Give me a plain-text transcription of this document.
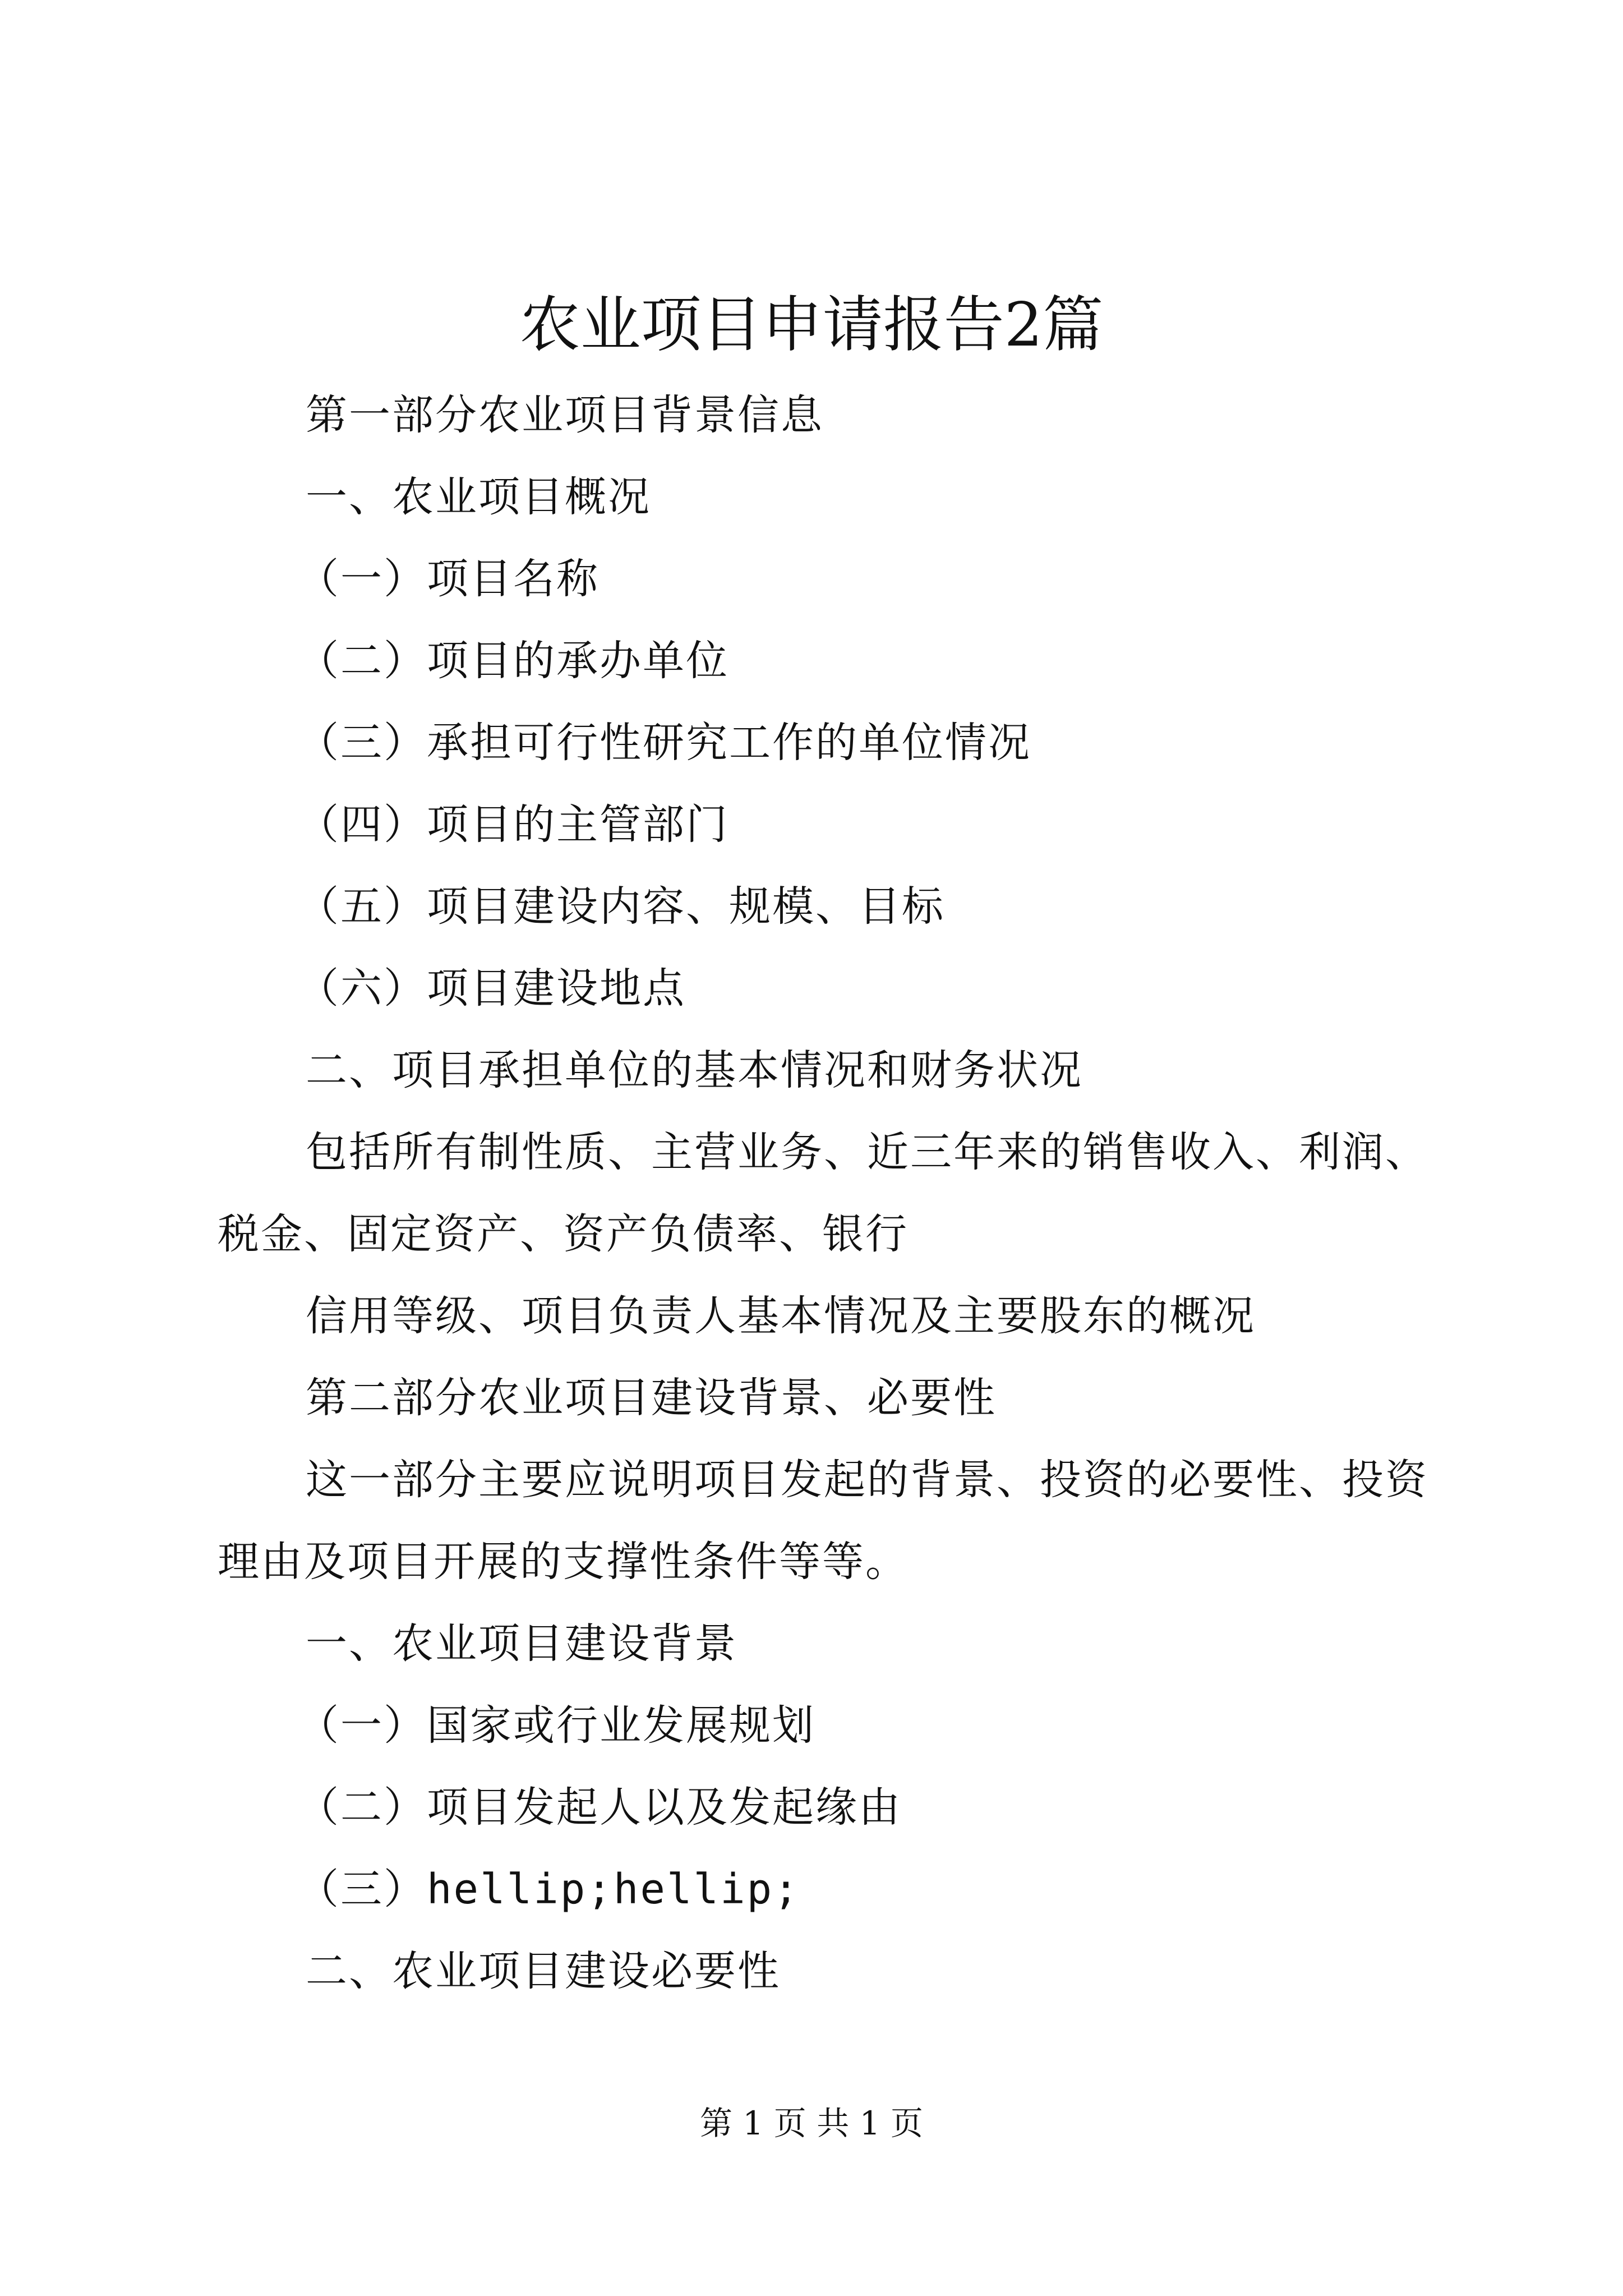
农业项目申请报告2篇
第一部分农业项目背景信息
一、农业项目概况
（一）项目名称
（二）项目的承办单位
（三）承担可行性研究工作的单位情况
（四）项目的主管部门
（五）项目建设内容、规模、目标
（六）项目建设地点
二、项目承担单位的基本情况和财务状况
包括所有制性质、主营业务、近三年来的销售收入、利润、
税金、固定资产、资产负债率、银行
信用等级、项目负责人基本情况及主要股东的概况
第二部分农业项目建设背景、必要性
这一部分主要应说明项目发起的背景、投资的必要性、投资
理由及项目开展的支撑性条件等等。
一、农业项目建设背景
（一）国家或行业发展规划
（二）项目发起人以及发起缘由
（三）hellip;hellip;
二、农业项目建设必要性
第 1 页 共 1 页
